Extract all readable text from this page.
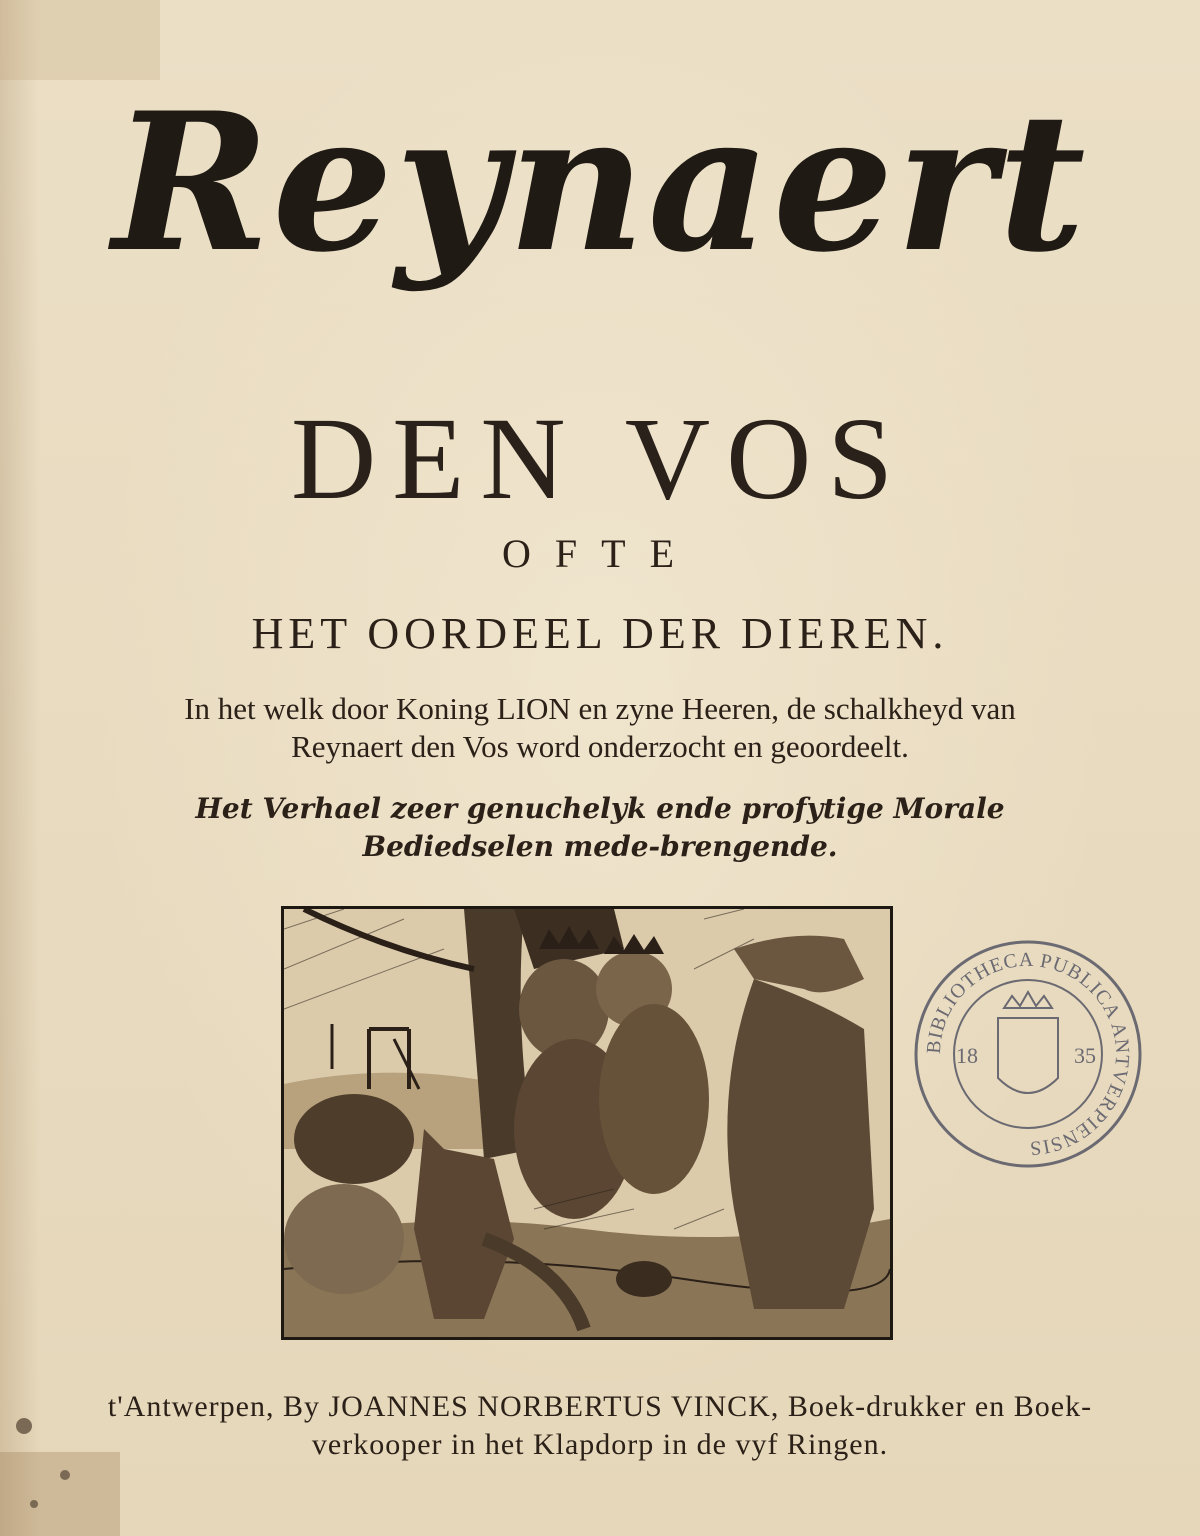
Reynaert
DEN VOS
OFTE
HET OORDEEL DER DIEREN.
In het welk door Koning LION en zyne Heeren, de schalkheyd van
Reynaert den Vos word onderzocht en geoordeelt.
Het Verhael zeer genuchelyk ende profytige Morale
Bediedselen mede-brengende.
BIBLIOTHECA PUBLICA ANTVERPIENSIS
18	35
t'Antwerpen, By JOANNES NORBERTUS VINCK, Boek-drukker en Boek-
verkooper in het Klapdorp in de vyf Ringen.
